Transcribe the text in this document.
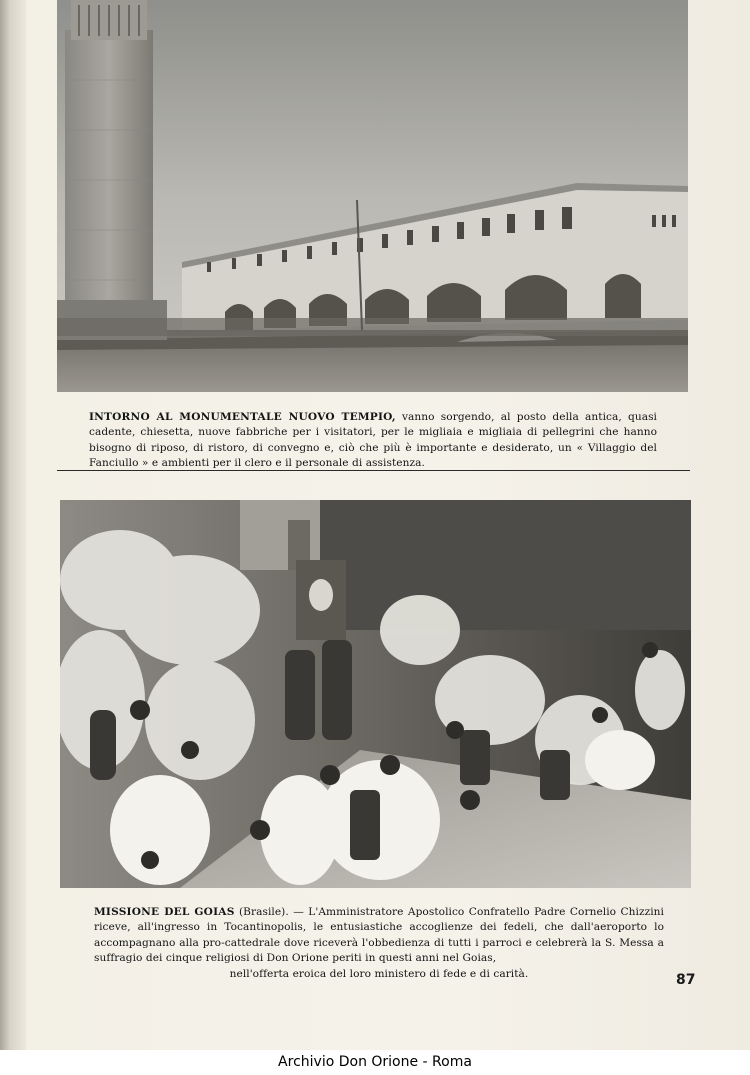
INTORNO AL MONUMENTALE NUOVO TEMPIO, vanno sorgendo, al posto della antica, quasi cadente, chiesetta, nuove fabbriche per i visitatori, per le migliaia e migliaia di pellegrini che hanno bisogno di riposo, di ristoro, di convegno e, ciò che più è importante e desiderato, un « Villaggio del Fanciullo » e ambienti per il clero e il personale di assistenza.
MISSIONE DEL GOIAS (Brasile). — L'Amministratore Apostolico Confratello Padre Cornelio Chizzini riceve, all'ingresso in Tocantinopolis, le entusiastiche accoglienze dei fedeli, che dall'aeroporto lo accompagnano alla pro-cattedrale dove riceverà l'obbedienza di tutti i parroci e celebrerà la S. Messa a suffragio dei cinque religiosi di Don Orione periti in questi anni nel Goias,
nell'offerta eroica del loro ministero di fede e di carità.	87
Archivio Don Orione - Roma
